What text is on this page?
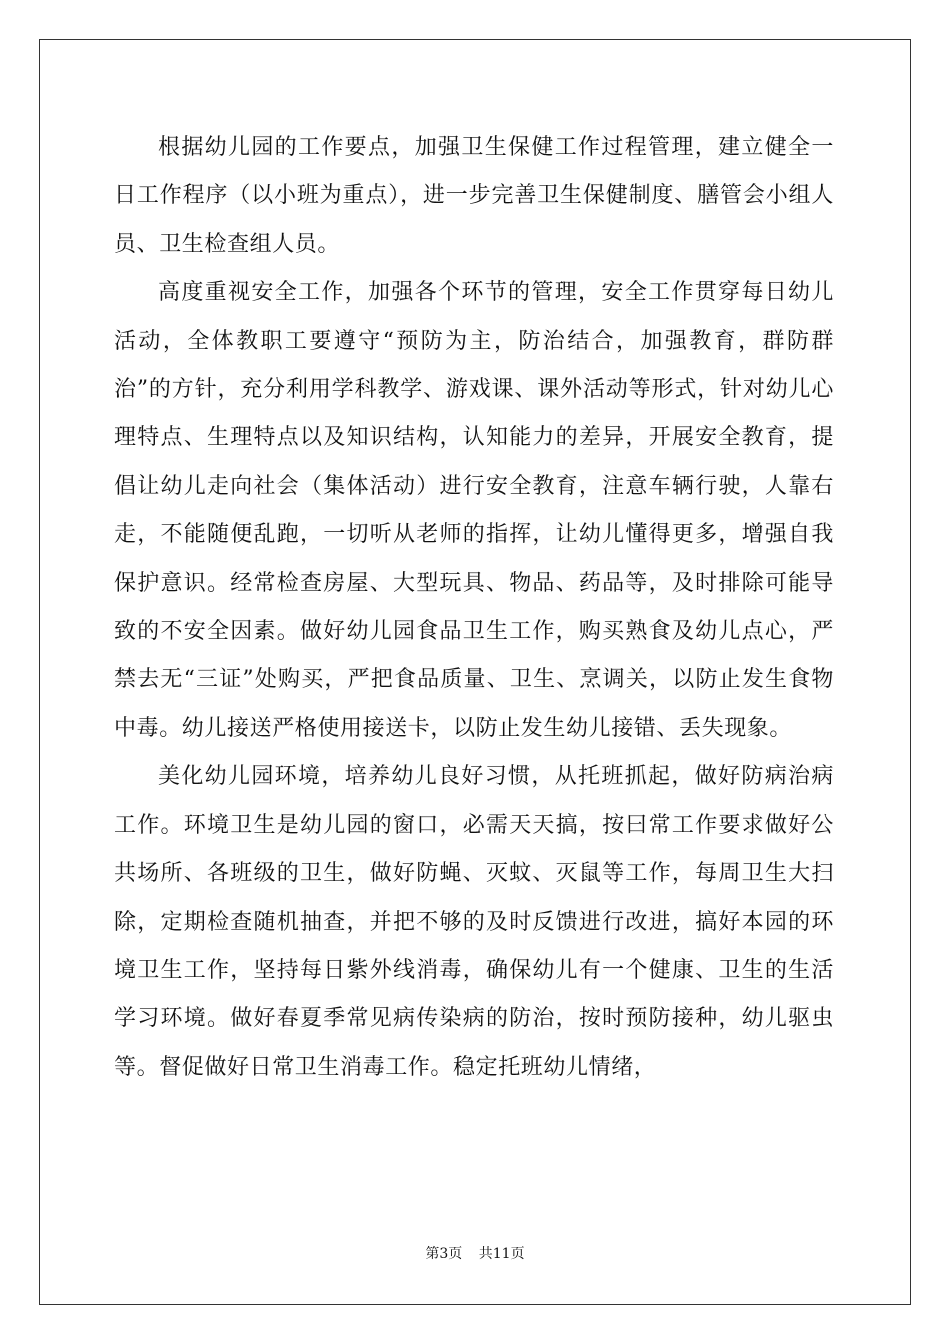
根据幼儿园的工作要点，加强卫生保健工作过程管理，建立健全一日工作程序（以小班为重点），进一步完善卫生保健制度、膳管会小组人员、卫生检查组人员。

高度重视安全工作，加强各个环节的管理，安全工作贯穿每日幼儿活动，全体教职工要遵守“预防为主，防治结合，加强教育，群防群治”的方针，充分利用学科教学、游戏课、课外活动等形式，针对幼儿心理特点、生理特点以及知识结构，认知能力的差异，开展安全教育，提倡让幼儿走向社会（集体活动）进行安全教育，注意车辆行驶，人靠右走，不能随便乱跑，一切听从老师的指挥，让幼儿懂得更多，增强自我保护意识。经常检查房屋、大型玩具、物品、药品等，及时排除可能导致的不安全因素。做好幼儿园食品卫生工作，购买熟食及幼儿点心，严禁去无“三证”处购买，严把食品质量、卫生、烹调关，以防止发生食物中毒。幼儿接送严格使用接送卡，以防止发生幼儿接错、丢失现象。

美化幼儿园环境，培养幼儿良好习惯，从托班抓起，做好防病治病工作。环境卫生是幼儿园的窗口，必需天天搞，按曰常工作要求做好公共场所、各班级的卫生，做好防蝇、灭蚊、灭鼠等工作，每周卫生大扫除，定期检查随机抽查，并把不够的及时反馈进行改进，搞好本园的环境卫生工作，坚持每日紫外线消毒，确保幼儿有一个健康、卫生的生活学习环境。做好春夏季常见病传染病的防治，按时预防接种，幼儿驱虫等。督促做好日常卫生消毒工作。稳定托班幼儿情绪，

第3页 共11页
